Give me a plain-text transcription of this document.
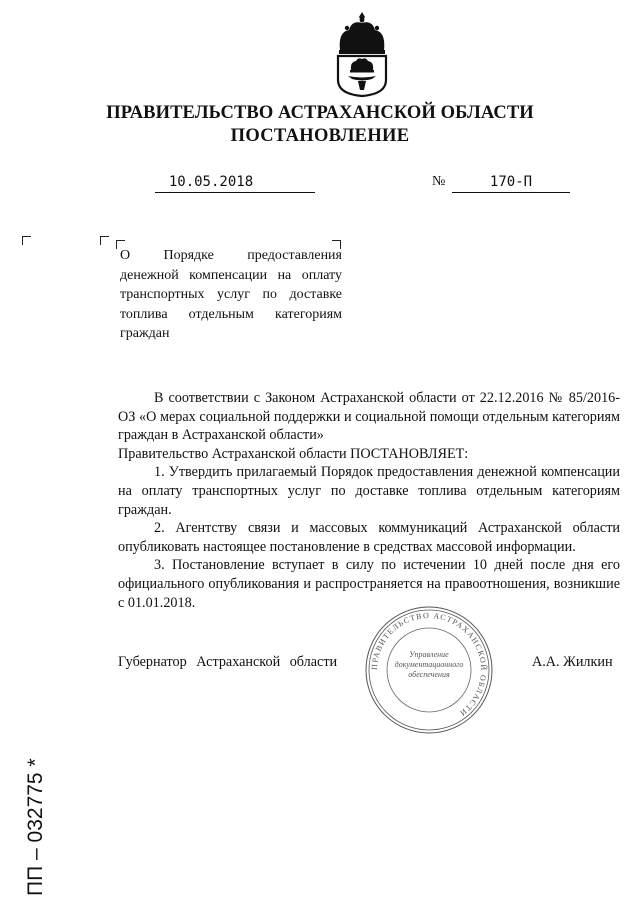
ПРАВИТЕЛЬСТВО АСТРАХАНСКОЙ ОБЛАСТИ
ПОСТАНОВЛЕНИЕ
10.05.2018	№	170-П
О Порядке предоставления денежной компенсации на оплату транспортных услуг по доставке топлива отдельным категориям граждан

В соответствии с Законом Астраханской области от 22.12.2016 № 85/2016-ОЗ «О мерах социальной поддержки и социальной помощи отдельным категориям граждан в Астраханской области»

Правительство Астраханской области ПОСТАНОВЛЯЕТ:

1. Утвердить прилагаемый Порядок предоставления денежной компенсации на оплату транспортных услуг по доставке топлива отдельным категориям граждан.

2. Агентству связи и массовых коммуникаций Астраханской области опубликовать настоящее постановление в средствах массовой информации.

3. Постановление вступает в силу по истечении 10 дней после дня его официального опубликования и распространяется на правоотношения, возникшие с 01.01.2018.

ПРАВИТЕЛЬСТВО АСТРАХАНСКОЙ ОБЛАСТИ
Управление документационного обеспечения
Губернатор Астраханской области	А.А. Жилкин
ПП – 032775 *
